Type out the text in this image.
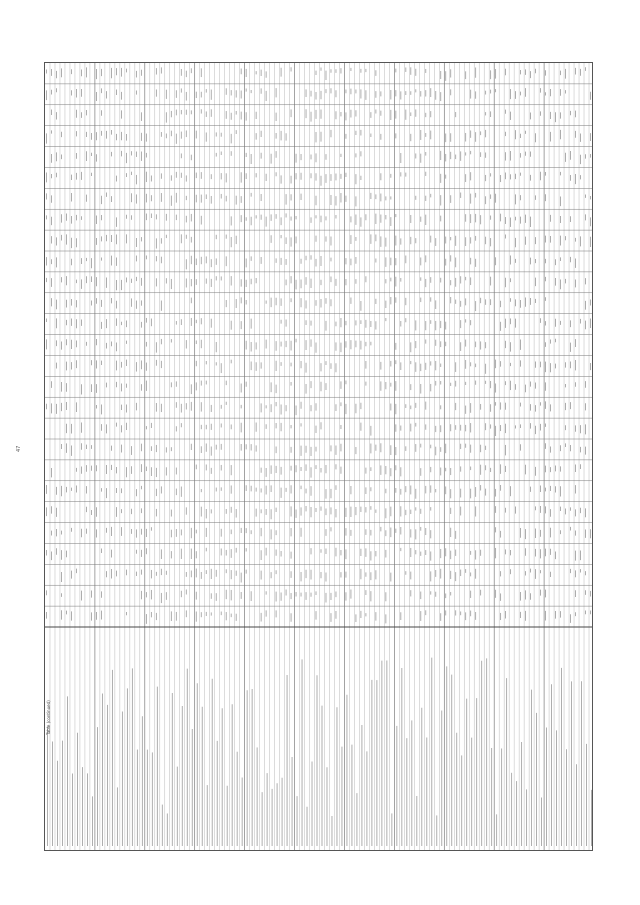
47
Table (continued)
